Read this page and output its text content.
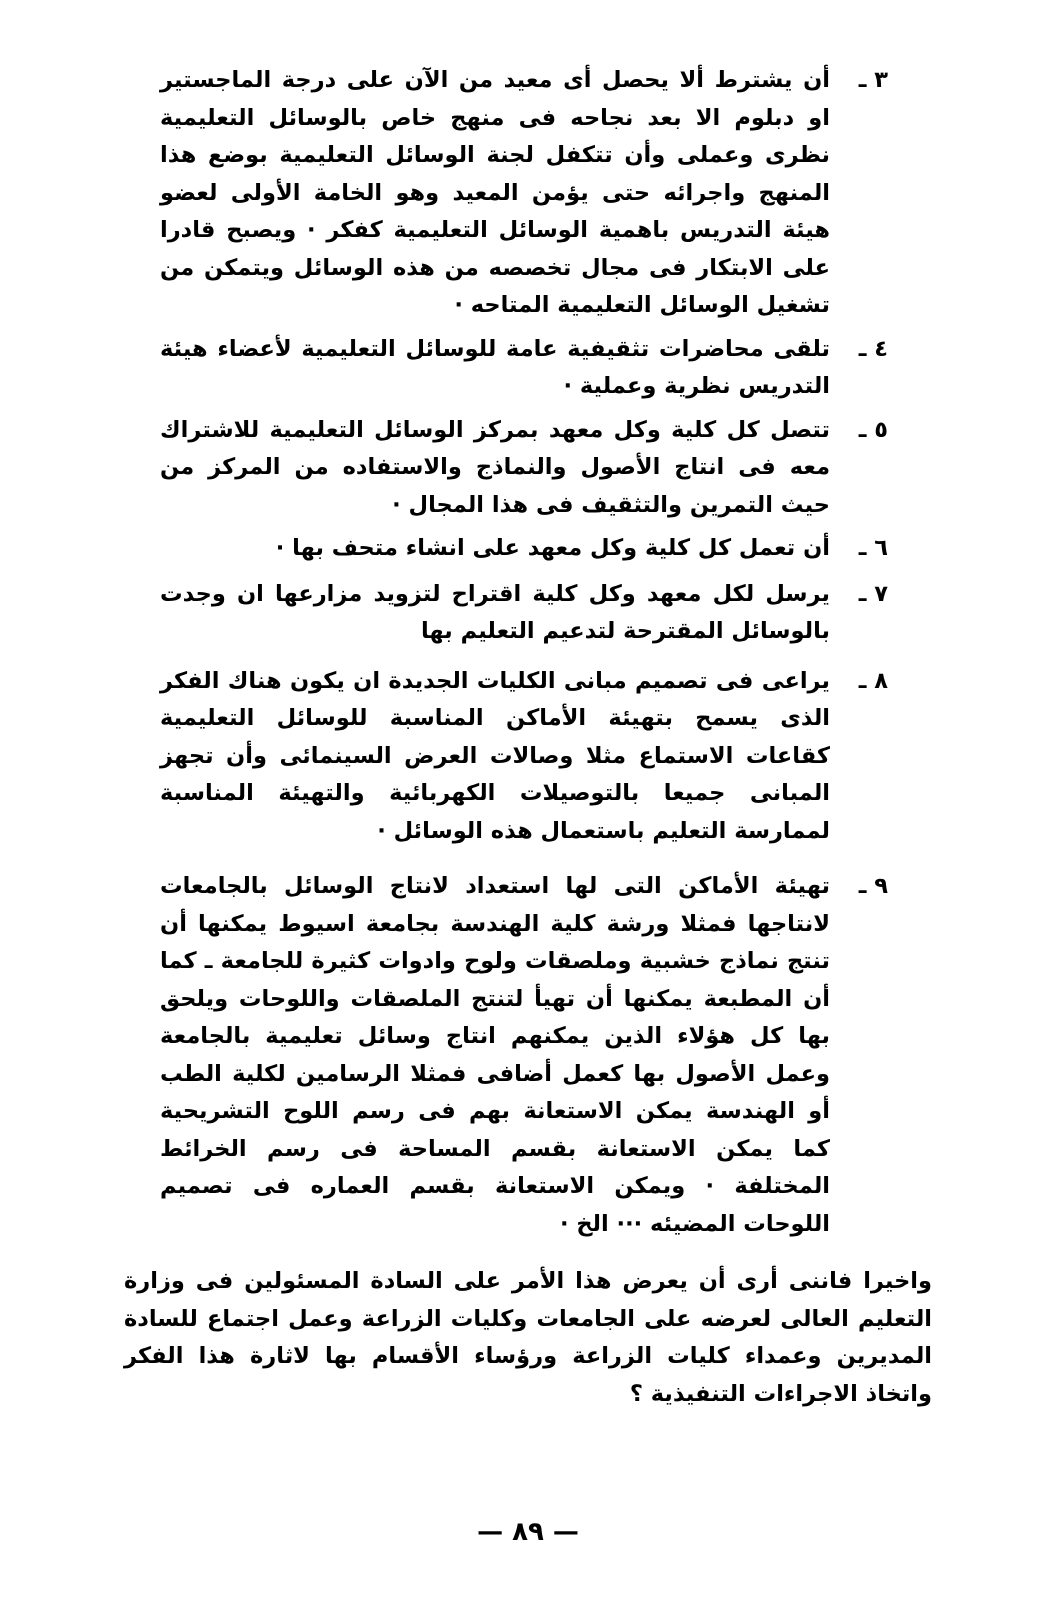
٣ ـ
أن يشترط ألا يحصل أى معيد من الآن على درجة الماجستير او دبلوم الا بعد نجاحه فى منهج خاص بالوسائل التعليمية نظرى وعملى وأن تتكفل لجنة الوسائل التعليمية بوضع هذا المنهج واجرائه حتى يؤمن المعيد وهو الخامة الأولى لعضو هيئة التدريس باهمية الوسائل التعليمية كفكر · ويصبح قادرا على الابتكار فى مجال تخصصه من هذه الوسائل ويتمكن من تشغيل الوسائل التعليمية المتاحه ·
٤ ـ
تلقى محاضرات تثقيفية عامة للوسائل التعليمية لأعضاء هيئة التدريس نظرية وعملية ·
٥ ـ
تتصل كل كلية وكل معهد بمركز الوسائل التعليمية للاشتراك معه فى انتاج الأصول والنماذج والاستفاده من المركز من حيث التمرين والتثقيف فى هذا المجال ·
٦ ـ
أن تعمل كل كلية وكل معهد على انشاء متحف بها ·
٧ ـ
يرسل لكل معهد وكل كلية اقتراح لتزويد مزارعها ان وجدت بالوسائل المقترحة لتدعيم التعليم بها
٨ ـ
يراعى فى تصميم مبانى الكليات الجديدة ان يكون هناك الفكر الذى يسمح بتهيئة الأماكن المناسبة للوسائل التعليمية كقاعات الاستماع مثلا وصالات العرض السينمائى وأن تجهز المبانى جميعا بالتوصيلات الكهربائية والتهيئة المناسبة لممارسة التعليم باستعمال هذه الوسائل ·
٩ ـ
تهيئة الأماكن التى لها استعداد لانتاج الوسائل بالجامعات لانتاجها فمثلا ورشة كلية الهندسة بجامعة اسيوط يمكنها أن تنتج نماذج خشبية وملصقات ولوح وادوات كثيرة للجامعة ـ كما أن المطبعة يمكنها أن تهيأ لتنتج الملصقات واللوحات ويلحق بها كل هؤلاء الذين يمكنهم انتاج وسائل تعليمية بالجامعة وعمل الأصول بها كعمل أضافى فمثلا الرسامين لكلية الطب أو الهندسة يمكن الاستعانة بهم فى رسم اللوح التشريحية كما يمكن الاستعانة بقسم المساحة فى رسم الخرائط المختلفة · ويمكن الاستعانة بقسم العماره فى تصميم اللوحات المضيئه ··· الخ ·

واخيرا فاننى أرى أن يعرض هذا الأمر على السادة المسئولين فى وزارة التعليم العالى لعرضه على الجامعات وكليات الزراعة وعمل اجتماع للسادة المديرين وعمداء كليات الزراعة ورؤساء الأقسام بها لاثارة هذا الفكر واتخاذ الاجراءات التنفيذية ؟

— ٨٩ —
